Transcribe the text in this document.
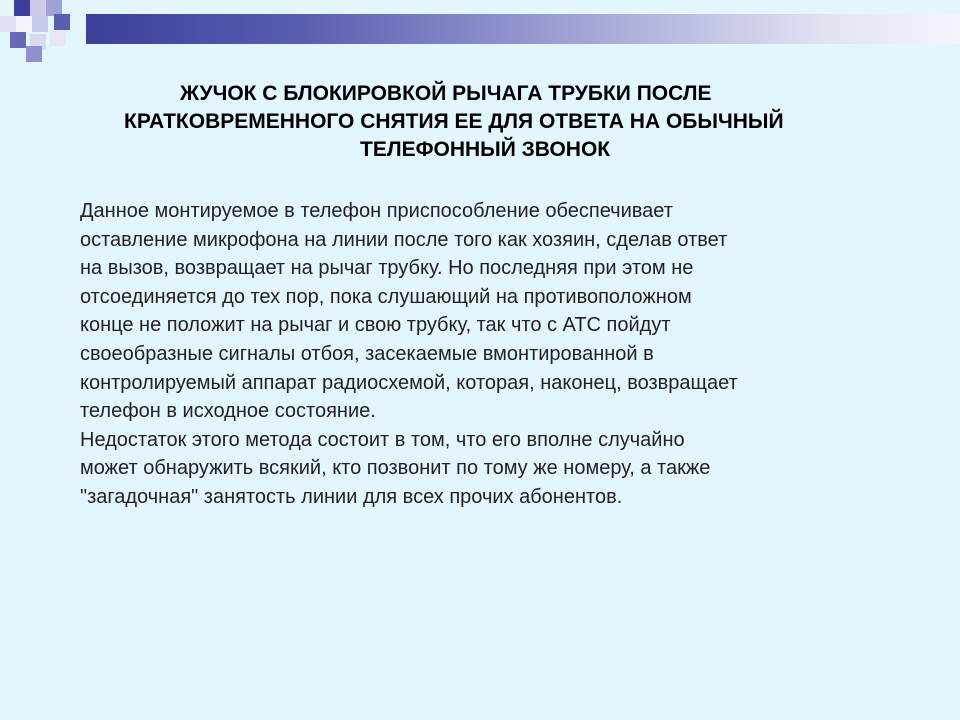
ЖУЧОК С БЛОКИРОВКОЙ РЫЧАГА ТРУБКИ ПОСЛЕ
КРАТКОВРЕМЕННОГО СНЯТИЯ ЕЕ ДЛЯ ОТВЕТА НА ОБЫЧНЫЙ
ТЕЛЕФОННЫЙ ЗВОНОК
Данное монтируемое в телефон приспособление обеспечивает
оставление микрофона на линии после того как хозяин, сделав ответ
на вызов, возвращает на рычаг трубку. Но последняя при этом не
отсоединяется до тех пор, пока слушающий на противоположном
конце не положит на рычаг и свою трубку, так что с АТС пойдут
своеобразные сигналы отбоя, засекаемые вмонтированной в
контролируемый аппарат радиосхемой, которая, наконец, возвращает
телефон в исходное состояние.
Недостаток этого метода состоит в том, что его вполне случайно
может обнаружить всякий, кто позвонит по тому же номеру, а также
"загадочная" занятость линии для всех прочих абонентов.
